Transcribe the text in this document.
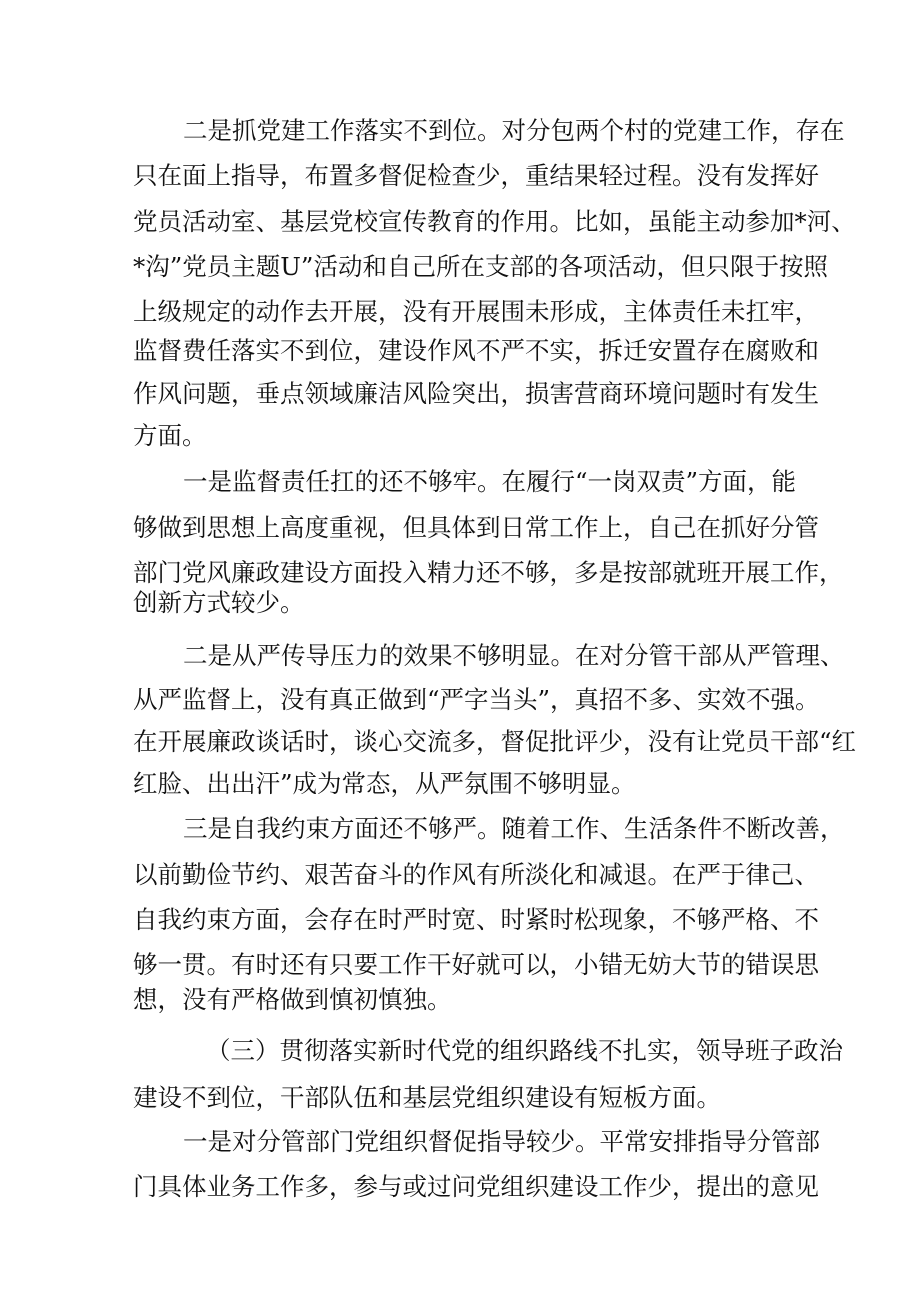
二是抓党建工作落实不到位。对分包两个村的党建工作，存在
只在面上指导，布置多督促检查少，重结果轻过程。没有发挥好
党员活动室、基层党校宣传教育的作用。比如，虽能主动参加*河、
*沟”党员主题U”活动和自己所在支部的各项活动，但只限于按照
上级规定的动作去开展，没有开展围未形成，主体责任未扛牢，
监督费任落实不到位，建设作风不严不实，拆迁安置存在腐败和
作风问题，垂点领域廉洁风险突出，损害营商环境问题时有发生
方面。
一是监督责任扛的还不够牢。在履行“一岗双责”方面，能
够做到思想上高度重视，但具体到日常工作上，自己在抓好分管
部门党风廉政建设方面投入精力还不够，多是按部就班开展工作，
创新方式较少。
二是从严传导压力的效果不够明显。在对分管干部从严管理、
从严监督上，没有真正做到“严字当头”，真招不多、实效不强。
在开展廉政谈话时，谈心交流多，督促批评少，没有让党员干部“红
红脸、出出汗”成为常态，从严氛围不够明显。
三是自我约束方面还不够严。随着工作、生活条件不断改善，
以前勤俭节约、艰苦奋斗的作风有所淡化和减退。在严于律己、
自我约束方面，会存在时严时宽、时紧时松现象，不够严格、不
够一贯。有时还有只要工作干好就可以，小错无妨大节的错误思
想，没有严格做到慎初慎独。
（三）贯彻落实新时代党的组织路线不扎实，领导班子政治
建设不到位，干部队伍和基层党组织建设有短板方面。
一是对分管部门党组织督促指导较少。平常安排指导分管部
门具体业务工作多，参与或过问党组织建设工作少，提出的意见
